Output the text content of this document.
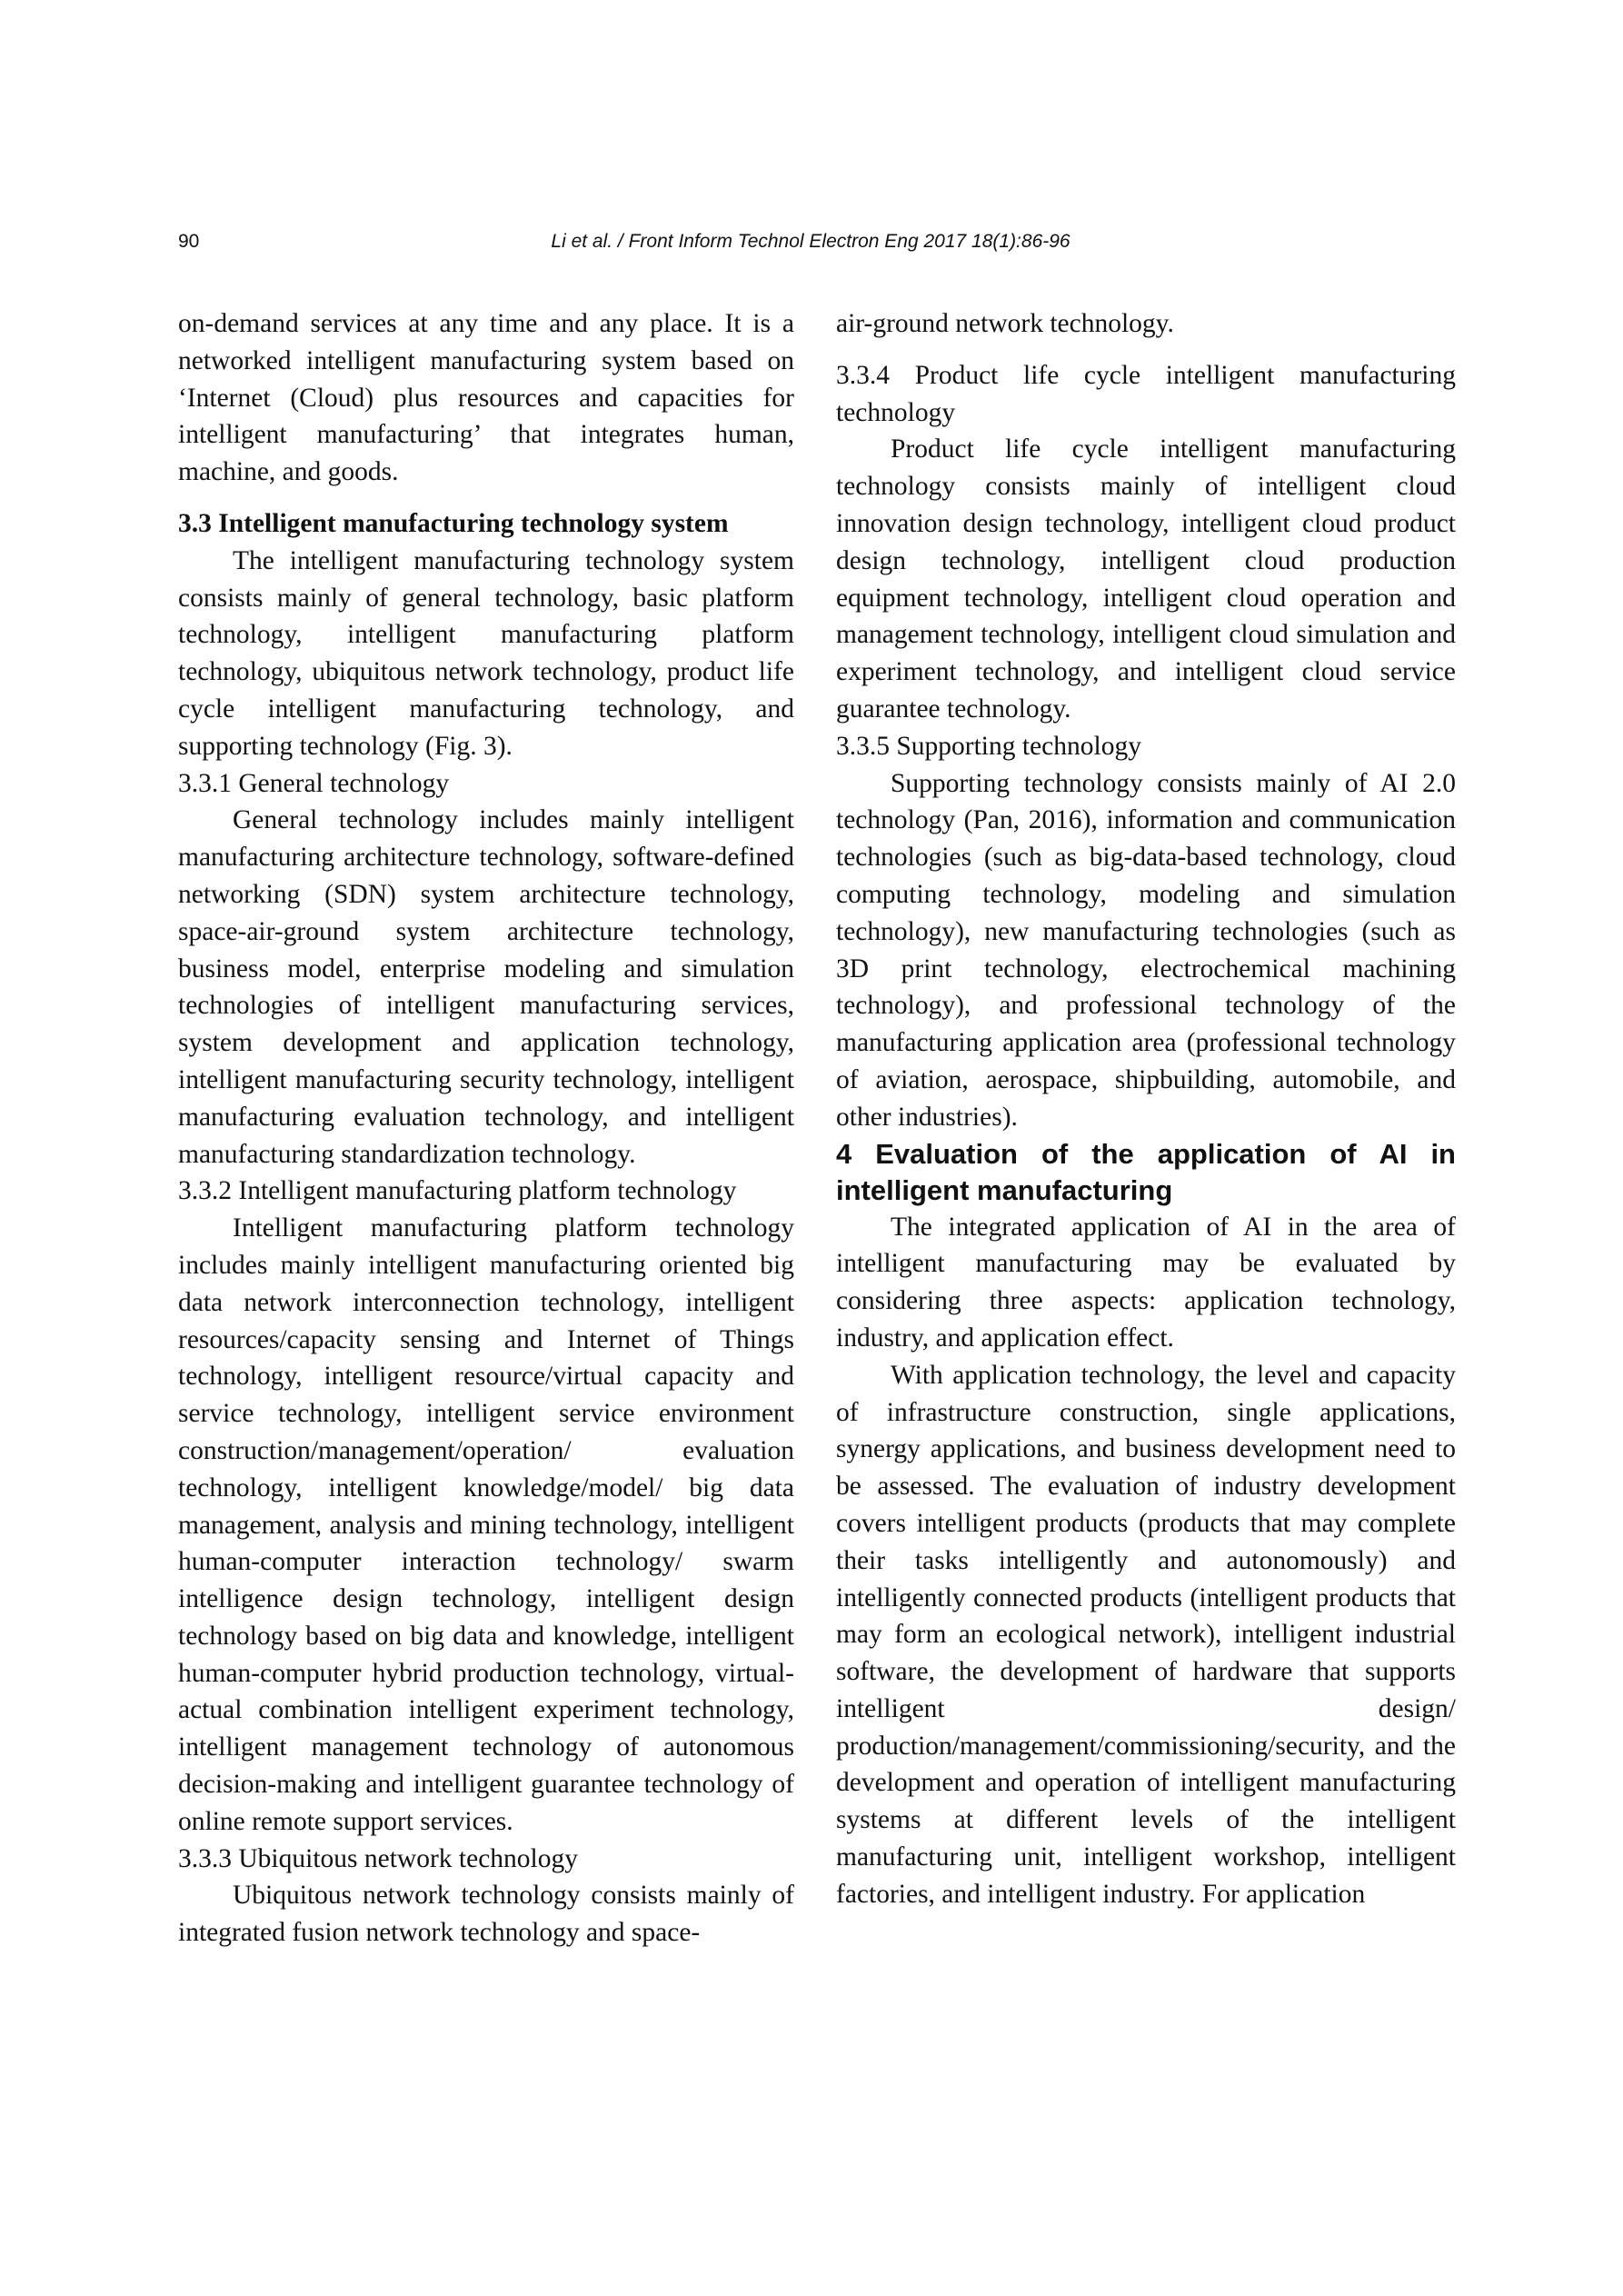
90	Li et al. / Front Inform Technol Electron Eng 2017 18(1):86-96

on-demand services at any time and any place. It is a networked intelligent manufacturing system based on ‘Internet (Cloud) plus resources and capacities for intelligent manufacturing’ that integrates human, machine, and goods.

3.3 Intelligent manufacturing technology system

The intelligent manufacturing technology system consists mainly of general technology, basic platform technology, intelligent manufacturing platform technology, ubiquitous network technology, product life cycle intelligent manufacturing technology, and supporting technology (Fig. 3).

3.3.1 General technology

General technology includes mainly intelligent manufacturing architecture technology, software-defined networking (SDN) system architecture technology, space-air-ground system architecture technology, business model, enterprise modeling and simulation technologies of intelligent manufacturing services, system development and application technology, intelligent manufacturing security technology, intelligent manufacturing evaluation technology, and intelligent manufacturing standardization technology.

3.3.2 Intelligent manufacturing platform technology

Intelligent manufacturing platform technology includes mainly intelligent manufacturing oriented big data network interconnection technology, intelligent resources/capacity sensing and Internet of Things technology, intelligent resource/virtual capacity and service technology, intelligent service environment construction/management/operation/ evaluation technology, intelligent knowledge/model/ big data management, analysis and mining technology, intelligent human-computer interaction technology/ swarm intelligence design technology, intelligent design technology based on big data and knowledge, intelligent human-computer hybrid production technology, virtual-actual combination intelligent experiment technology, intelligent management technology of autonomous decision-making and intelligent guarantee technology of online remote support services.

3.3.3 Ubiquitous network technology

Ubiquitous network technology consists mainly of integrated fusion network technology and space-

air-ground network technology.

3.3.4 Product life cycle intelligent manufacturing technology

Product life cycle intelligent manufacturing technology consists mainly of intelligent cloud innovation design technology, intelligent cloud product design technology, intelligent cloud production equipment technology, intelligent cloud operation and management technology, intelligent cloud simulation and experiment technology, and intelligent cloud service guarantee technology.

3.3.5 Supporting technology

Supporting technology consists mainly of AI 2.0 technology (Pan, 2016), information and communication technologies (such as big-data-based technology, cloud computing technology, modeling and simulation technology), new manufacturing technologies (such as 3D print technology, electrochemical machining technology), and professional technology of the manufacturing application area (professional technology of aviation, aerospace, shipbuilding, automobile, and other industries).

4 Evaluation of the application of AI in intelligent manufacturing

The integrated application of AI in the area of intelligent manufacturing may be evaluated by considering three aspects: application technology, industry, and application effect.

With application technology, the level and capacity of infrastructure construction, single applications, synergy applications, and business development need to be assessed. The evaluation of industry development covers intelligent products (products that may complete their tasks intelligently and autonomously) and intelligently connected products (intelligent products that may form an ecological network), intelligent industrial software, the development of hardware that supports intelligent design/ production/management/commissioning/security, and the development and operation of intelligent manufacturing systems at different levels of the intelligent manufacturing unit, intelligent workshop, intelligent factories, and intelligent industry. For application
